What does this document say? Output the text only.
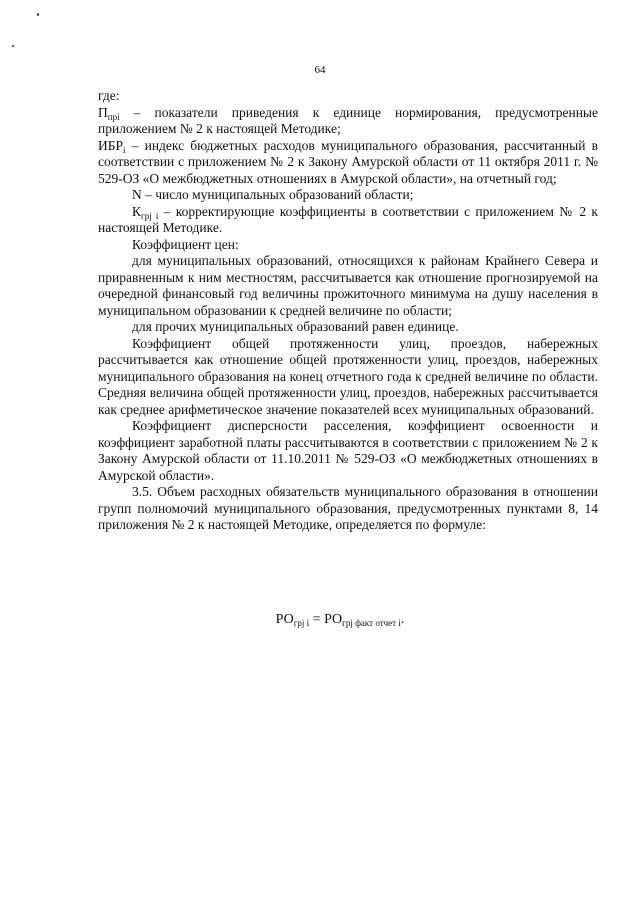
64

где:

$П_{прi}$ – показатели приведения к единице нормирования, предусмотренные приложением № 2 к настоящей Методике;

$ИБР_i$ – индекс бюджетных расходов муниципального образования, рассчитанный в соответствии с приложением № 2 к Закону Амурской области от 11 октября 2011 г. № 529-ОЗ «О межбюджетных отношениях в Амурской области», на отчетный год;

N – число муниципальных образований области;

$К_{грj i}$ – корректирующие коэффициенты в соответствии с приложением № 2 к настоящей Методике.

Коэффициент цен:

для муниципальных образований, относящихся к районам Крайнего Севера и приравненным к ним местностям, рассчитывается как отношение прогнозируемой на очередной финансовый год величины прожиточного минимума на душу населения в муниципальном образовании к средней величине по области;

для прочих муниципальных образований равен единице.

Коэффициент общей протяженности улиц, проездов, набережных рассчитывается как отношение общей протяженности улиц, проездов, набережных муниципального образования на конец отчетного года к средней величине по области. Средняя величина общей протяженности улиц, проездов, набережных рассчитывается как среднее арифметическое значение показателей всех муниципальных образований.

Коэффициент дисперсности расселения, коэффициент освоенности и коэффициент заработной платы рассчитываются в соответствии с приложением № 2 к Закону Амурской области от 11.10.2011 № 529-ОЗ «О межбюджетных отношениях в Амурской области».

3.5. Объем расходных обязательств муниципального образования в отношении групп полномочий муниципального образования, предусмотренных пунктами 8, 14 приложения № 2 к настоящей Методике, определяется по формуле:

$РО_{грj i} = РО_{грj факт отчет i}$.
